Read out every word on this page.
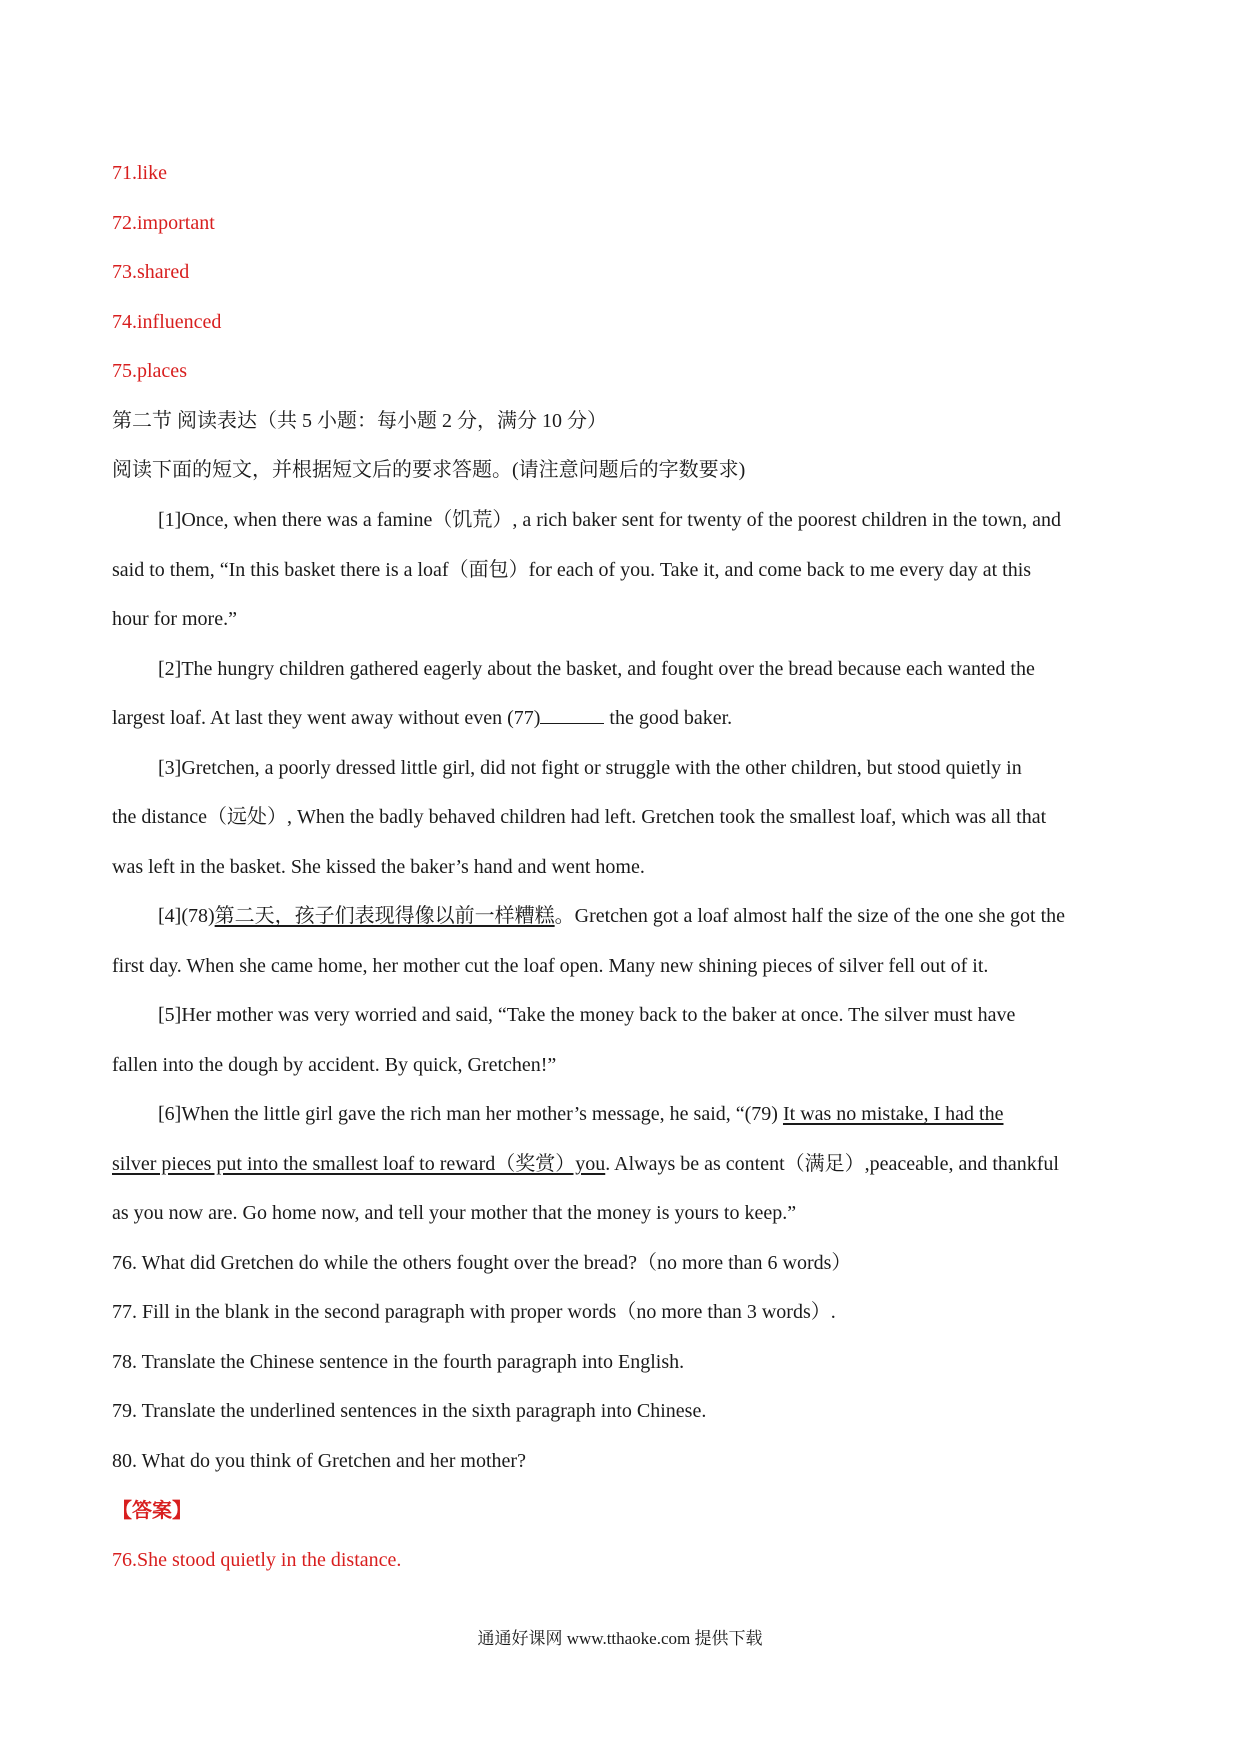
71.like
72.important
73.shared
74.influenced
75.places
第二节 阅读表达（共 5 小题：每小题 2 分，满分 10 分）
阅读下面的短文，并根据短文后的要求答题。(请注意问题后的字数要求)
[1]Once, when there was a famine（饥荒）, a rich baker sent for twenty of the poorest children in the town, and
said to them, “In this basket there is a loaf（面包）for each of you. Take it, and come back to me every day at this
hour for more.”
[2]The hungry children gathered eagerly about the basket, and fought over the bread because each wanted the
largest loaf. At last they went away without even (77)	the good baker.
[3]Gretchen, a poorly dressed little girl, did not fight or struggle with the other children, but stood quietly in
the distance（远处）, When the badly behaved children had left. Gretchen took the smallest loaf, which was all that
was left in the basket. She kissed the baker’s hand and went home.
[4](78)第二天，孩子们表现得像以前一样糟糕。Gretchen got a loaf almost half the size of the one she got the
first day. When she came home, her mother cut the loaf open. Many new shining pieces of silver fell out of it.
[5]Her mother was very worried and said, “Take the money back to the baker at once. The silver must have
fallen into the dough by accident. By quick, Gretchen!”
[6]When the little girl gave the rich man her mother’s message, he said, “(79) It was no mistake, I had the
silver pieces put into the smallest loaf to reward（奖赏）you. Always be as content（满足）,peaceable, and thankful
as you now are. Go home now, and tell your mother that the money is yours to keep.”
76. What did Gretchen do while the others fought over the bread?（no more than 6 words）
77. Fill in the blank in the second paragraph with proper words（no more than 3 words）.
78. Translate the Chinese sentence in the fourth paragraph into English.
79. Translate the underlined sentences in the sixth paragraph into Chinese.
80. What do you think of Gretchen and her mother?
【答案】
76.She stood quietly in the distance.
通通好课网 www.tthaoke.com 提供下载
